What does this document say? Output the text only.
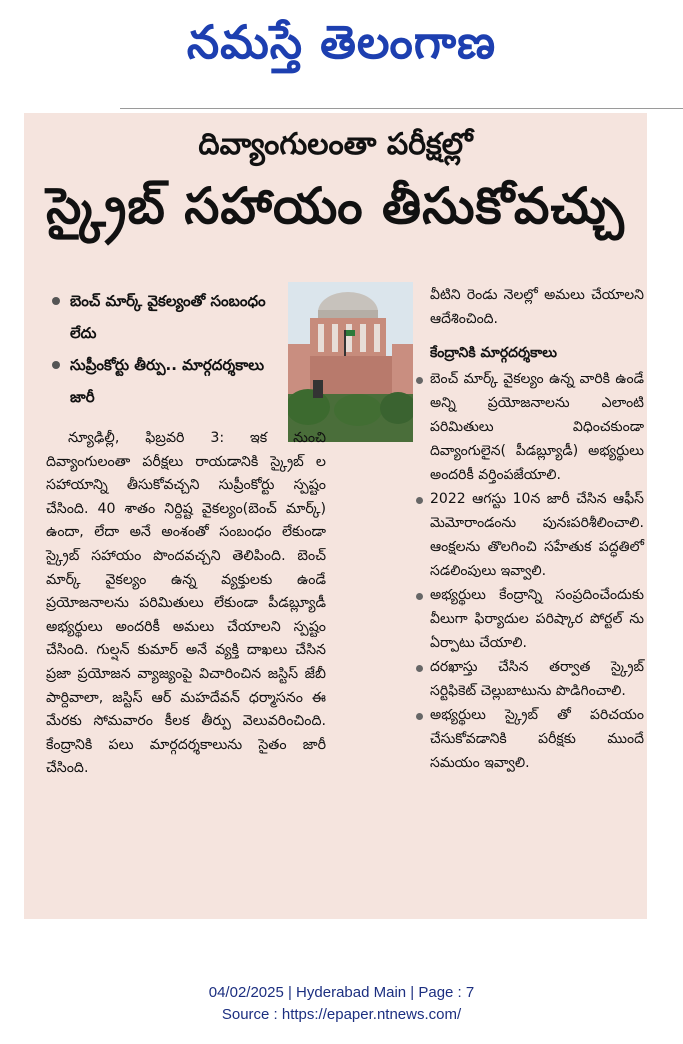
నమస్తే తెలంగాణ
దివ్యాంగులంతా పరీక్షల్లో
స్క్రైబ్ సహాయం తీసుకోవచ్చు
బెంచ్ మార్క్ వైకల్యంతో సంబంధం లేదు
సుప్రీంకోర్టు తీర్పు.. మార్గదర్శకాలు జారీ
న్యూఢిల్లీ, ఫిబ్రవరి 3: ఇక నుంచి దివ్యాంగులంతా పరీక్షలు రాయడానికి స్క్రైబ్ ల సహాయాన్ని తీసుకోవచ్చని సుప్రీంకోర్టు స్పష్టం చేసింది. 40 శాతం నిర్దిష్ట వైకల్యం(బెంచ్ మార్క్) ఉందా, లేదా అనే అంశంతో సంబంధం లేకుండా స్క్రైబ్ సహాయం పొందవచ్చని తెలిపింది. బెంచ్ మార్క్ వైకల్యం ఉన్న వ్యక్తులకు ఉండే ప్రయోజనాలను పరిమితులు లేకుండా పీడబ్ల్యూడీ అభ్యర్థులు అందరికీ అమలు చేయాలని స్పష్టం చేసింది. గుల్షన్ కుమార్ అనే వ్యక్తి దాఖలు చేసిన ప్రజా ప్రయోజన వ్యాజ్యంపై విచారించిన జస్టిస్ జేబీ పార్దివాలా, జస్టిస్ ఆర్ మహదేవన్ ధర్మాసనం ఈ మేరకు సోమవారం కీలక తీర్పు వెలువరించింది. కేంద్రానికి పలు మార్గదర్శకాలును సైతం జారీ చేసింది.
వీటిని రెండు నెలల్లో అమలు చేయాలని ఆదేశించింది.
కేంద్రానికి మార్గదర్శకాలు
బెంచ్ మార్క్ వైకల్యం ఉన్న వారికి ఉండే అన్ని ప్రయోజనాలను ఎలాంటి పరిమితులు విధించకుండా దివ్యాంగులైన( పీడబ్ల్యూడీ) అభ్యర్థులు అందరికీ వర్తింపజేయాలి.
2022 ఆగస్టు 10న జారీ చేసిన ఆఫీస్ మెమోరాండంను పునఃపరిశీలించాలి. ఆంక్షలను తొలగించి సహేతుక పద్ధతిలో సడలింపులు ఇవ్వాలి.
అభ్యర్థులు కేంద్రాన్ని సంప్రదించేందుకు వీలుగా ఫిర్యాదుల పరిష్కార పోర్టల్ ను ఏర్పాటు చేయాలి.
దరఖాస్తు చేసిన తర్వాత స్క్రైబ్ సర్టిఫికెట్ చెల్లుబాటును పొడిగించాలి.
అభ్యర్థులు స్క్రైబ్ తో పరిచయం చేసుకోవడానికి పరీక్షకు ముందే సమయం ఇవ్వాలి.
04/02/2025 | Hyderabad Main | Page : 7
Source : https://epaper.ntnews.com/
